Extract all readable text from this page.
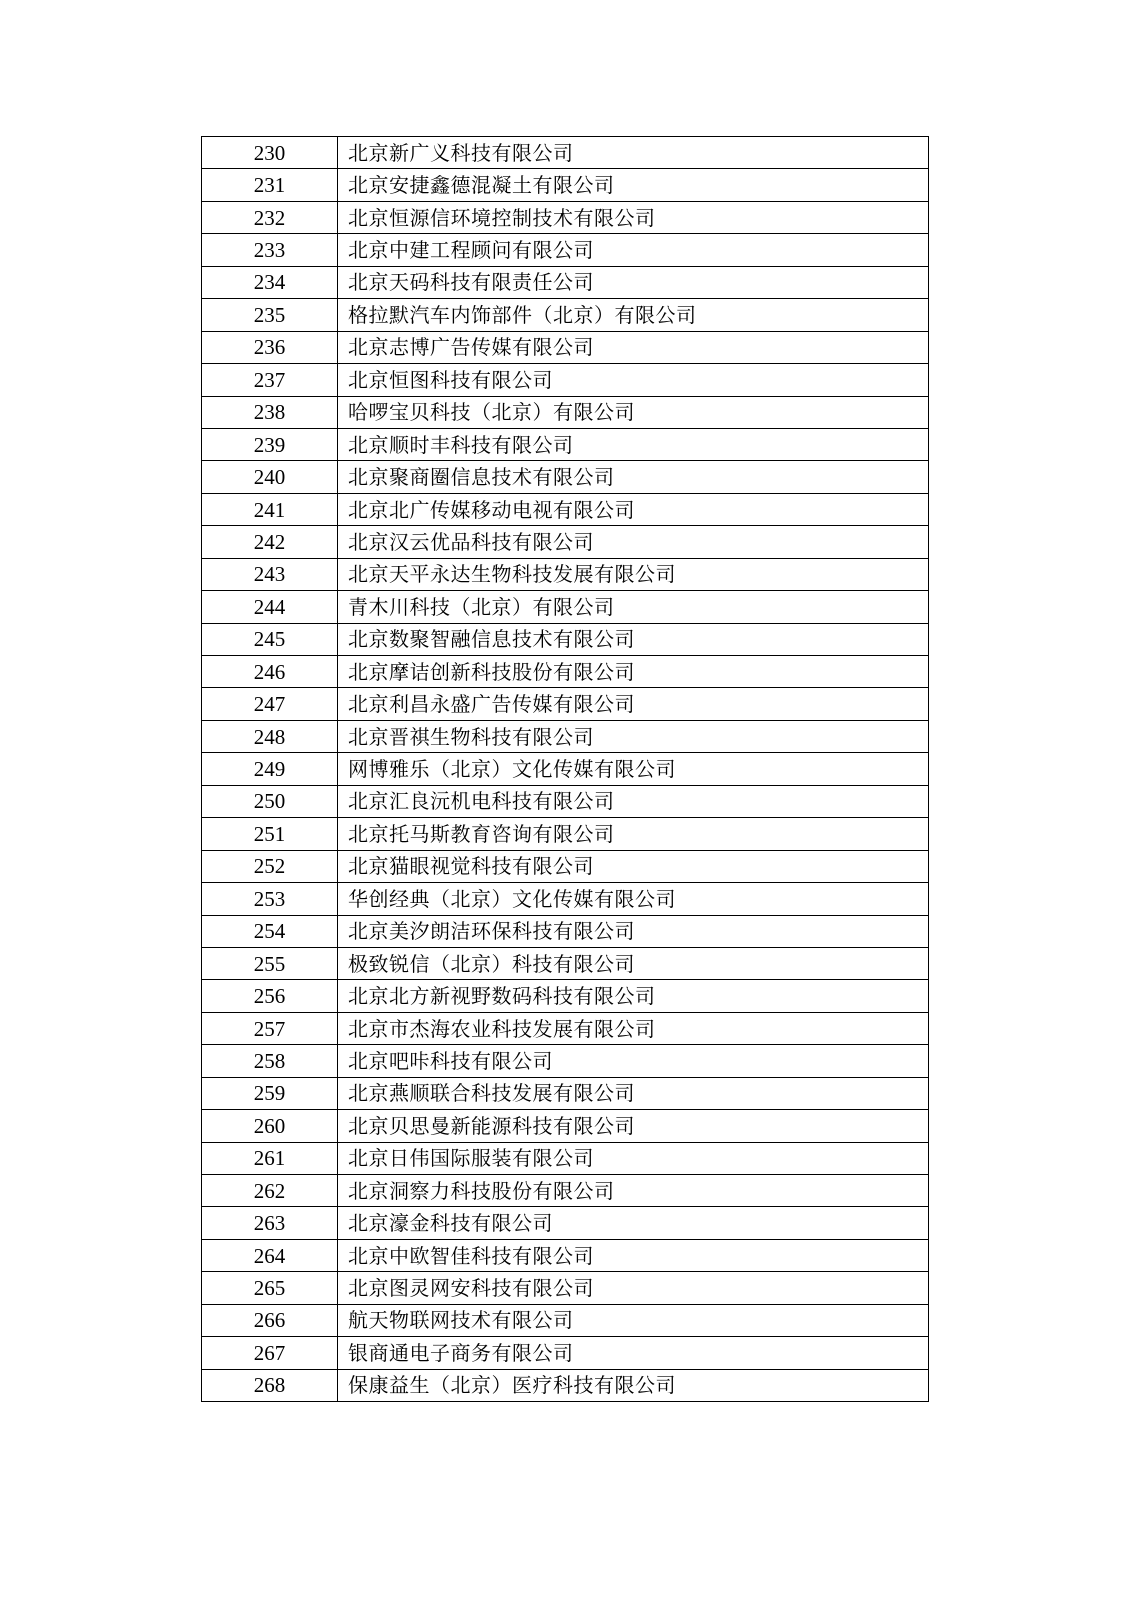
230	北京新广义科技有限公司
231	北京安捷鑫德混凝土有限公司
232	北京恒源信环境控制技术有限公司
233	北京中建工程顾问有限公司
234	北京天码科技有限责任公司
235	格拉默汽车内饰部件（北京）有限公司
236	北京志博广告传媒有限公司
237	北京恒图科技有限公司
238	哈啰宝贝科技（北京）有限公司
239	北京顺时丰科技有限公司
240	北京聚商圈信息技术有限公司
241	北京北广传媒移动电视有限公司
242	北京汉云优品科技有限公司
243	北京天平永达生物科技发展有限公司
244	青木川科技（北京）有限公司
245	北京数聚智融信息技术有限公司
246	北京摩诘创新科技股份有限公司
247	北京利昌永盛广告传媒有限公司
248	北京晋祺生物科技有限公司
249	网博雅乐（北京）文化传媒有限公司
250	北京汇良沅机电科技有限公司
251	北京托马斯教育咨询有限公司
252	北京猫眼视觉科技有限公司
253	华创经典（北京）文化传媒有限公司
254	北京美汐朗洁环保科技有限公司
255	极致锐信（北京）科技有限公司
256	北京北方新视野数码科技有限公司
257	北京市杰海农业科技发展有限公司
258	北京吧咔科技有限公司
259	北京燕顺联合科技发展有限公司
260	北京贝思曼新能源科技有限公司
261	北京日伟国际服装有限公司
262	北京洞察力科技股份有限公司
263	北京濠金科技有限公司
264	北京中欧智佳科技有限公司
265	北京图灵网安科技有限公司
266	航天物联网技术有限公司
267	银商通电子商务有限公司
268	保康益生（北京）医疗科技有限公司
